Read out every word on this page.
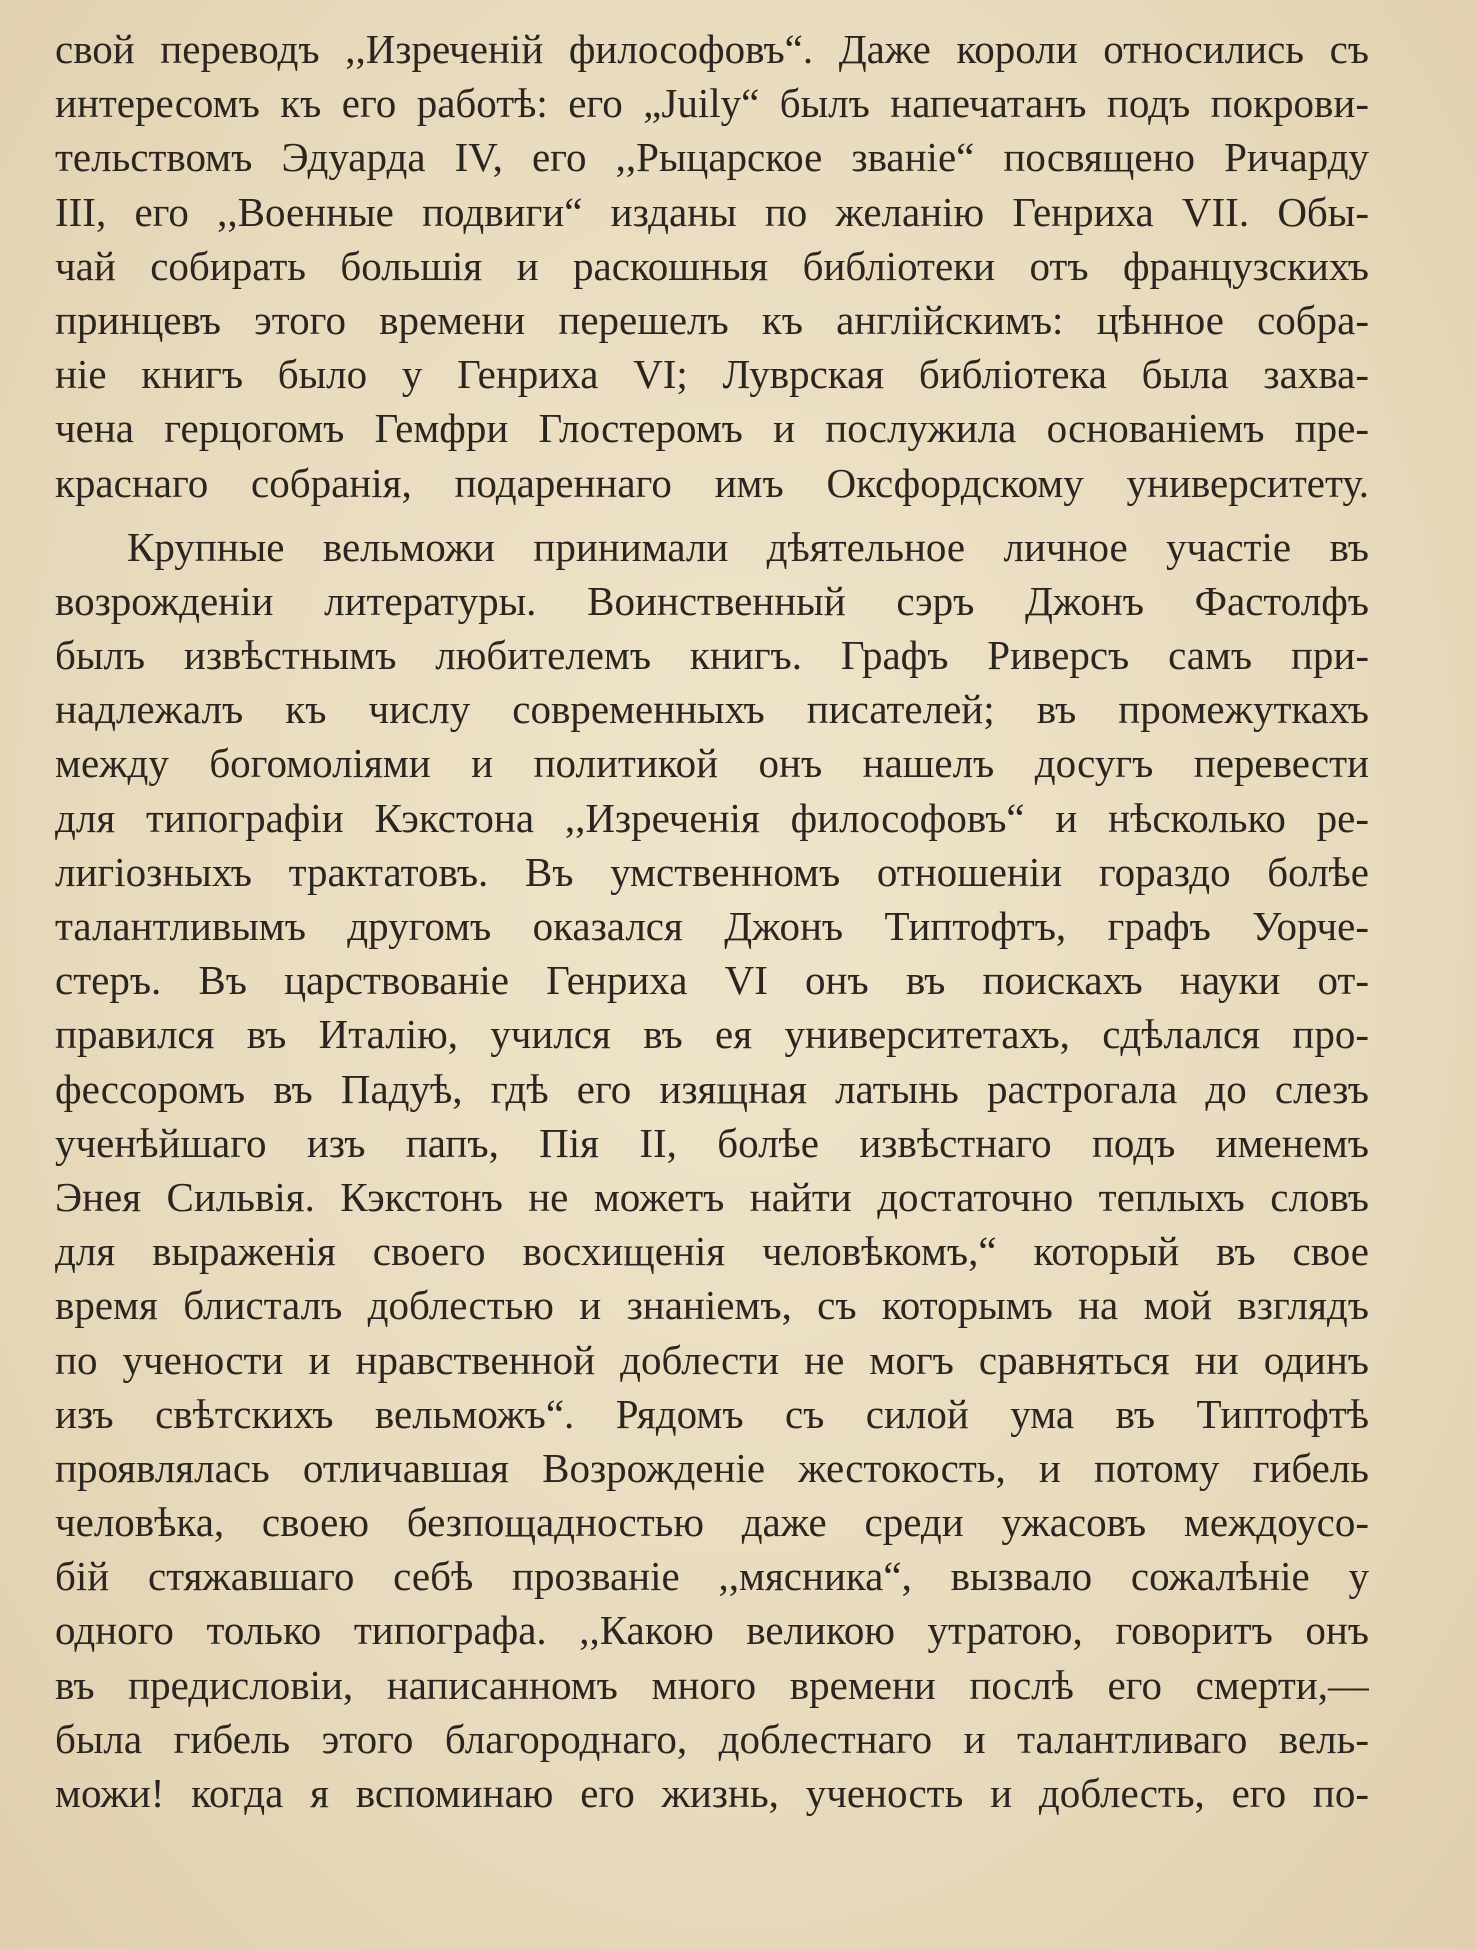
свой переводъ ,,Изреченій философовъ“. Даже короли относились съ
интересомъ къ его работѣ: его „Juily“ былъ напечатанъ подъ покрови-
тельствомъ Эдуарда IV, его ,,Рыцарское званіе“ посвящено Ричарду
III, его ,,Военные подвиги“ изданы по желанію Генриха VII. Обы-
чай собирать большія и раскошныя библіотеки отъ французскихъ
принцевъ этого времени перешелъ къ англійскимъ: цѣнное собра-
ніе книгъ было у Генриха VI; Луврская библіотека была захва-
чена герцогомъ Гемфри Глостеромъ и послужила основаніемъ пре-
краснаго собранія, подареннаго имъ Оксфордскому университету.
Крупные вельможи принимали дѣятельное личное участіе въ
возрожденіи литературы. Воинственный сэръ Джонъ Фастолфъ
былъ извѣстнымъ любителемъ книгъ. Графъ Риверсъ самъ при-
надлежалъ къ числу современныхъ писателей; въ промежуткахъ
между богомоліями и политикой онъ нашелъ досугъ перевести
для типографіи Кэкстона ,,Изреченія философовъ“ и нѣсколько ре-
лигіозныхъ трактатовъ. Въ умственномъ отношеніи гораздо болѣе
талантливымъ другомъ оказался Джонъ Типтофтъ, графъ Уорче-
стеръ. Въ царствованіе Генриха VI онъ въ поискахъ науки от-
правился въ Италію, учился въ ея университетахъ, сдѣлался про-
фессоромъ въ Падуѣ, гдѣ его изящная латынь растрогала до слезъ
ученѣйшаго изъ папъ, Пія II, болѣе извѣстнаго подъ именемъ
Энея Сильвія. Кэкстонъ не можетъ найти достаточно теплыхъ словъ
для выраженія своего восхищенія человѣкомъ,“ который въ свое
время блисталъ доблестью и знаніемъ, съ которымъ на мой взглядъ
по учености и нравственной доблести не могъ сравняться ни одинъ
изъ свѣтскихъ вельможъ“. Рядомъ съ силой ума въ Типтофтѣ
проявлялась отличавшая Возрожденіе жестокость, и потому гибель
человѣка, своею безпощадностью даже среди ужасовъ междоусо-
бій стяжавшаго себѣ прозваніе ,,мясника“, вызвало сожалѣніе у
одного только типографа. ,,Какою великою утратою, говоритъ онъ
въ предисловіи, написанномъ много времени послѣ его смерти,—
была гибель этого благороднаго, доблестнаго и талантливаго вель-
можи! когда я вспоминаю его жизнь, ученость и доблесть, его по-
